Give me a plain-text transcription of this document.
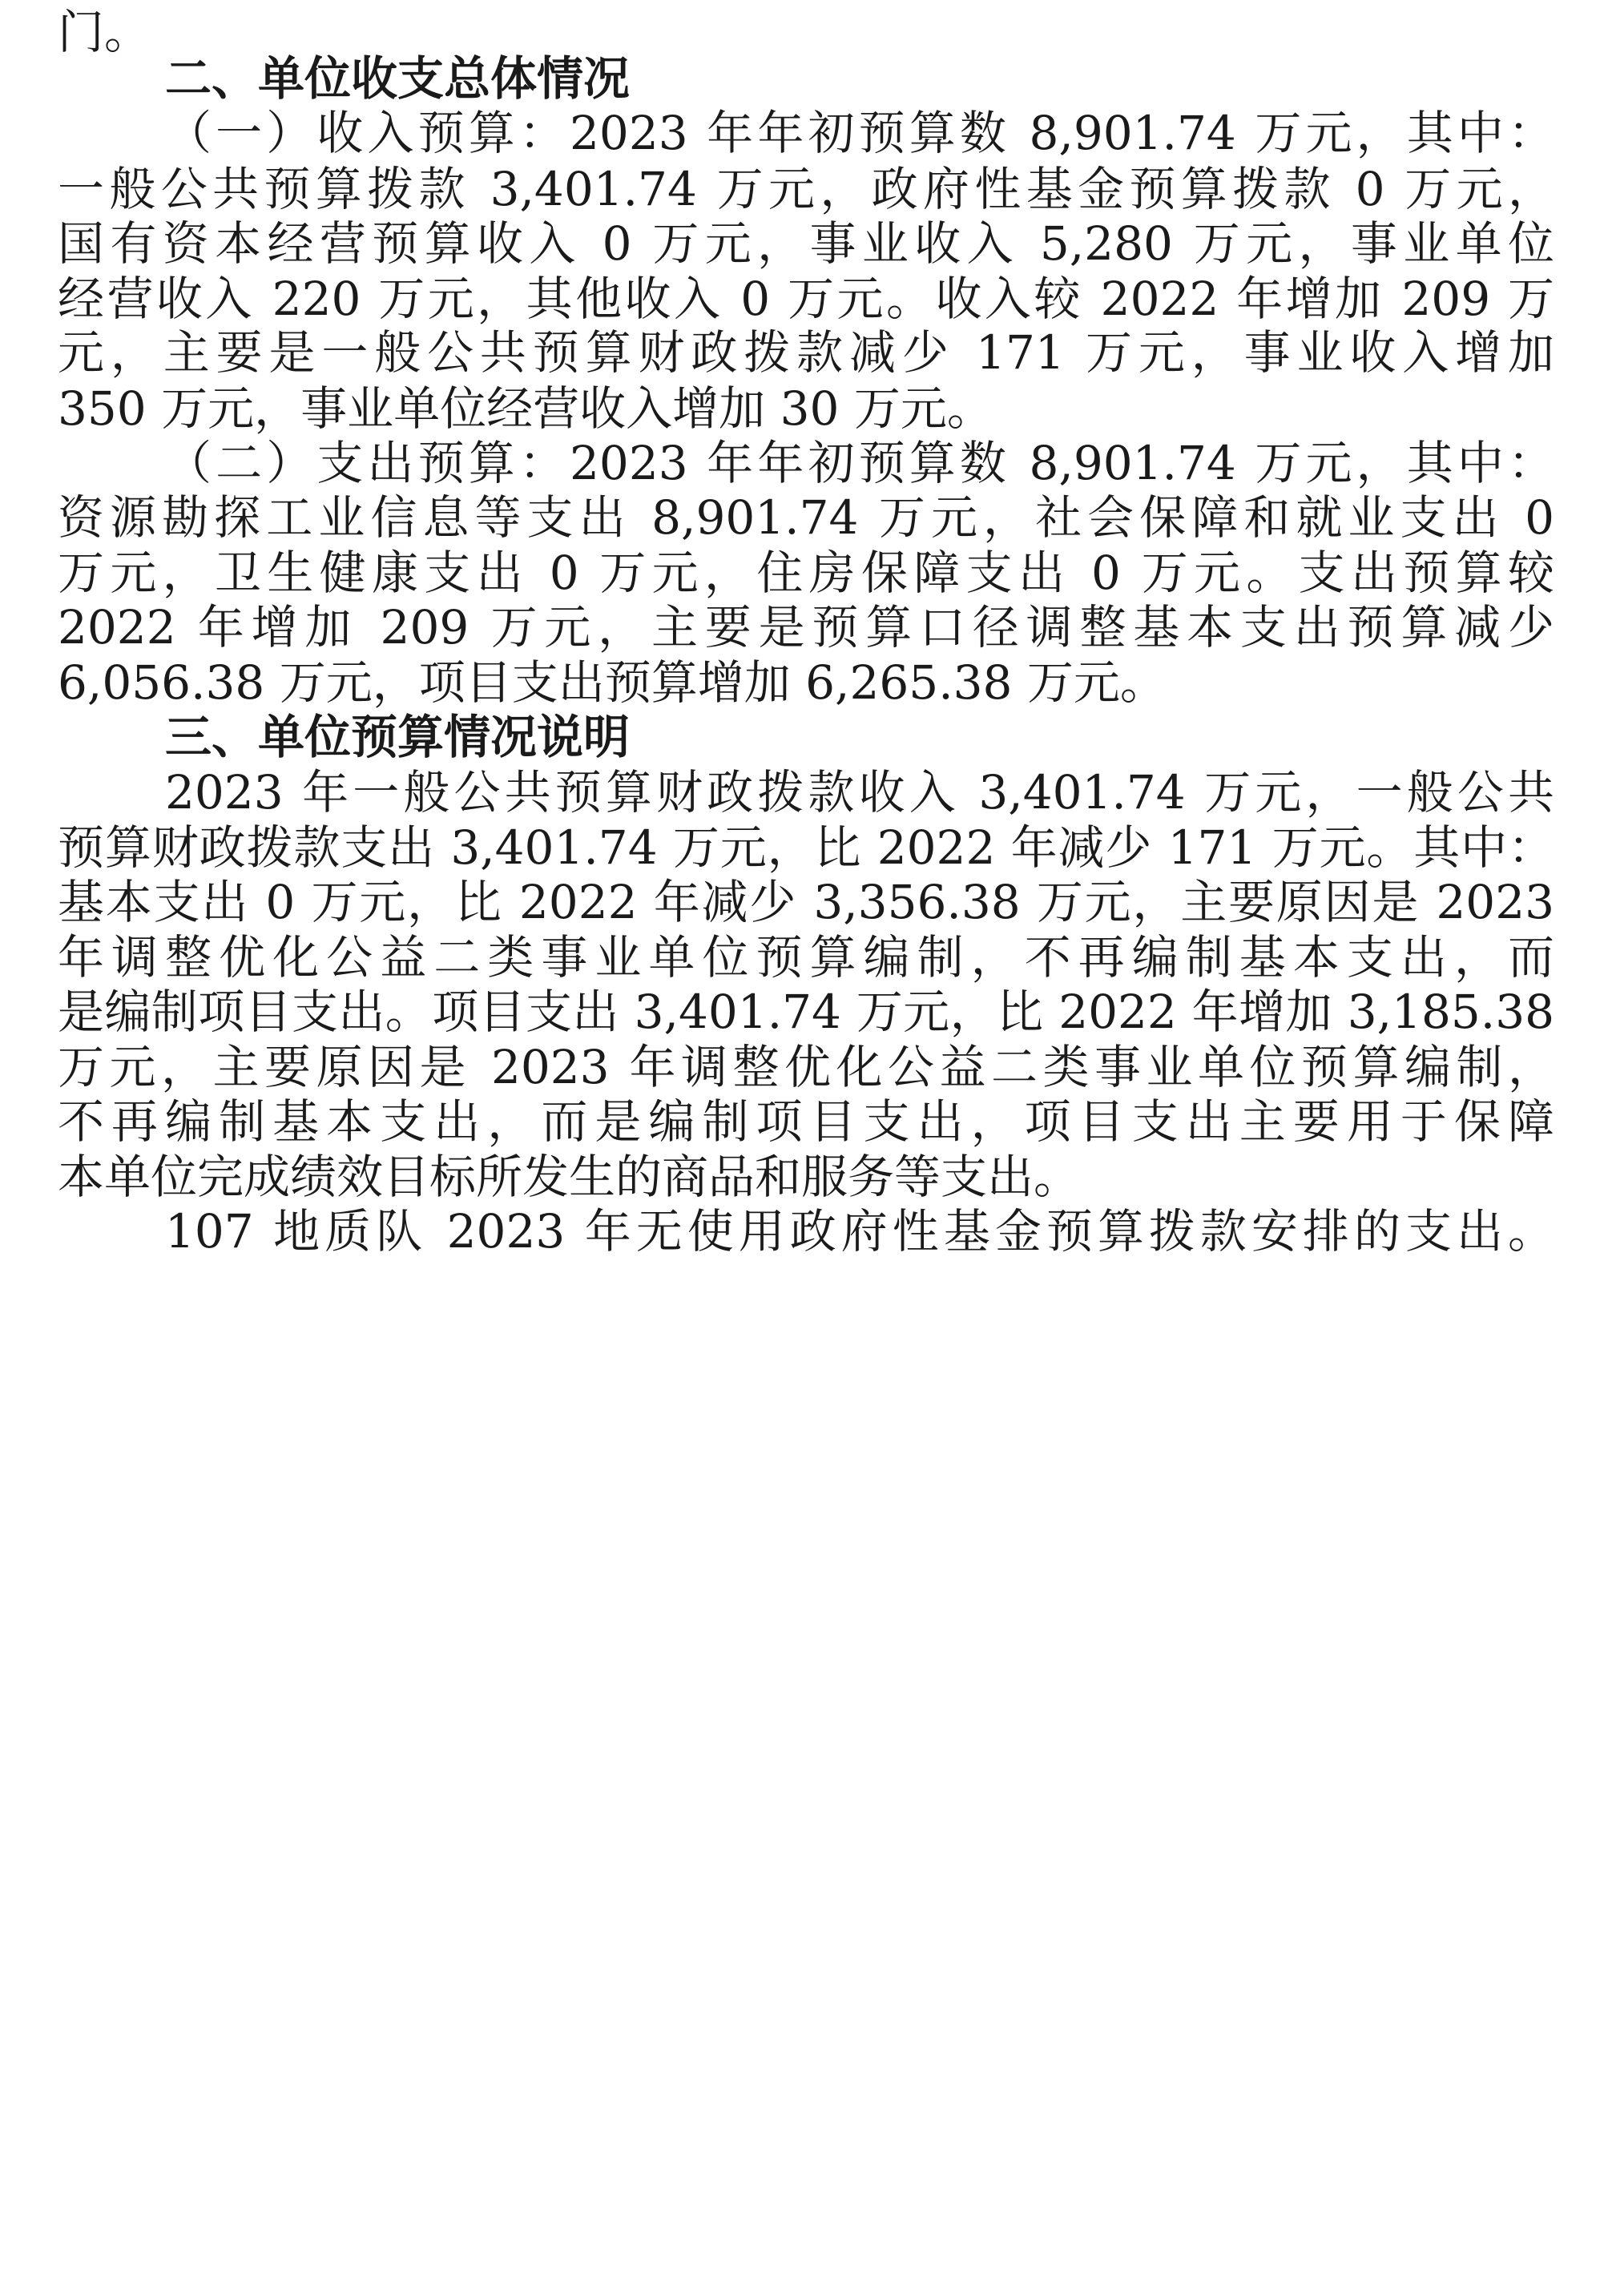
门。
二、单位收支总体情况
（一）收入预算：2023 年年初预算数 8,901.74 万元，其中：
一般公共预算拨款 3,401.74 万元，政府性基金预算拨款 0 万元，
国有资本经营预算收入 0 万元，事业收入 5,280 万元，事业单位
经营收入 220 万元，其他收入 0 万元。收入较 2022 年增加 209 万
元，主要是一般公共预算财政拨款减少 171 万元，事业收入增加
350 万元，事业单位经营收入增加 30 万元。
（二）支出预算：2023 年年初预算数 8,901.74 万元，其中：
资源勘探工业信息等支出 8,901.74 万元，社会保障和就业支出 0
万元，卫生健康支出 0 万元，住房保障支出 0 万元。支出预算较
2022 年增加 209 万元，主要是预算口径调整基本支出预算减少
6,056.38 万元，项目支出预算增加 6,265.38 万元。
三、单位预算情况说明
2023 年一般公共预算财政拨款收入 3,401.74 万元，一般公共
预算财政拨款支出 3,401.74 万元，比 2022 年减少 171 万元。其中：
基本支出 0 万元，比 2022 年减少 3,356.38 万元，主要原因是 2023
年调整优化公益二类事业单位预算编制，不再编制基本支出，而
是编制项目支出。项目支出 3,401.74 万元，比 2022 年增加 3,185.38
万元，主要原因是 2023 年调整优化公益二类事业单位预算编制，
不再编制基本支出，而是编制项目支出，项目支出主要用于保障
本单位完成绩效目标所发生的商品和服务等支出。
107 地质队 2023 年无使用政府性基金预算拨款安排的支出。
